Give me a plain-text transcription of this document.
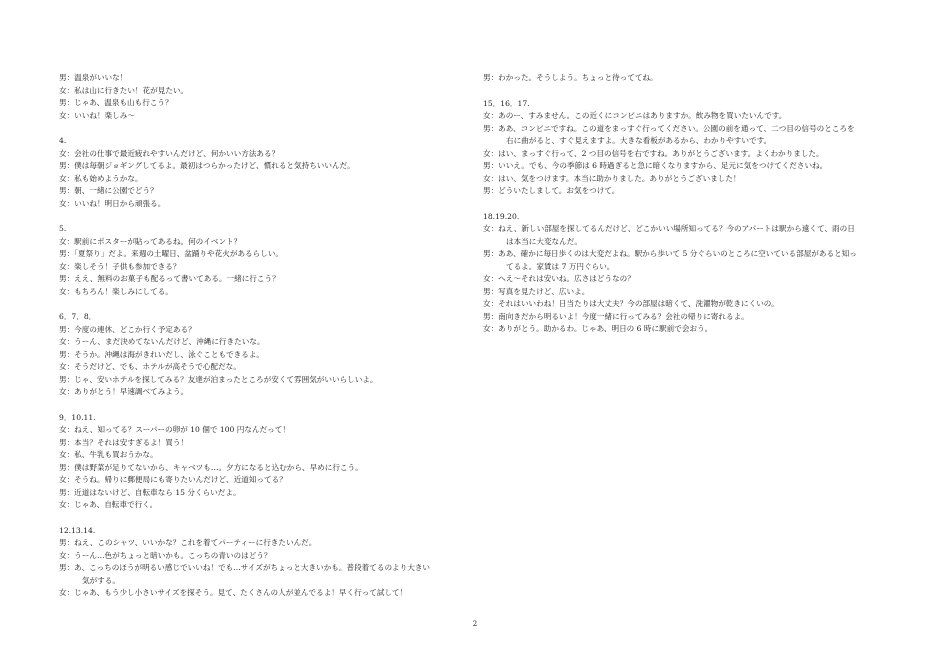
男：温泉がいいな！
女：私は山に行きたい！花が見たい。
男：じゃあ、温泉も山も行こう？
女：いいね！楽しみ～
4.
女：会社の仕事で最近疲れやすいんだけど、何かいい方法ある？
男：僕は毎朝ジョギングしてるよ。最初はつらかったけど、慣れると気持ちいいんだ。
女：私も始めようかな。
男：朝、一緒に公園でどう？
女：いいね！明日から頑張る。
5.
女：駅前にポスターが貼ってあるね。何のイベント？
男：「夏祭り」だよ。来週の土曜日、盆踊りや花火があるらしい。
女：楽しそう！子供も参加できる？
男：ええ、無料のお菓子も配るって書いてある。一緒に行こう？
女：もちろん！楽しみにしてる。
6．7．8．
男：今度の連休、どこか行く予定ある？
女：うーん、まだ決めてないんだけど、沖縄に行きたいな。
男：そうか。沖縄は海がきれいだし、泳ぐこともできるよ。
女：そうだけど、でも、ホテルが高そうで心配だな。
男：じゃ、安いホテルを探してみる？友達が泊まったところが安くて雰囲気がいいらしいよ。
女：ありがとう！早速調べてみよう。
9．10.11.
女：ねえ、知ってる？スーパーの卵が 10 個で 100 円なんだって！
男：本当？それは安すぎるよ！買う！
女：私、牛乳も買おうかな。
男：僕は野菜が足りてないから、キャベツも…。夕方になると込むから、早めに行こう。
女：そうね。帰りに郵便局にも寄りたいんだけど、近道知ってる？
男：近道はないけど、自転車なら 15 分くらいだよ。
女：じゃあ、自転車で行く。
12.13.14.
男：ねえ、このシャツ、いいかな？これを着てパーティーに行きたいんだ。
女：うーん…色がちょっと暗いかも。こっちの青いのはどう？
男：あ、こっちのほうが明るい感じでいいね！でも…サイズがちょっと大きいかも。普段着てるのより大きい
気がする。
女：じゃあ、もう少し小さいサイズを探そう。見て、たくさんの人が並んでるよ！早く行って試して！
男：わかった。そうしよう。ちょっと待っててね。
15．16．17.
女：あのー、すみません。この近くにコンビニはありますか。飲み物を買いたいんです。
男：ああ、コンビニですね。この道をまっすぐ行ってください。公園の前を通って、二つ目の信号のところを
右に曲がると、すぐ見えますよ。大きな看板があるから、わかりやすいです。
女：はい、まっすぐ行って、2 つ目の信号を右ですね。ありがとうございます。よくわかりました。
男：いいえ。でも、今の季節は 6 時過ぎると急に暗くなりますから、足元に気をつけてくださいね。
女：はい、気をつけます。本当に助かりました。ありがとうございました！
男：どういたしまして。お気をつけて。
18.19.20.
女：ねえ、新しい部屋を探してるんだけど、どこかいい場所知ってる？今のアパートは駅から遠くて、雨の日
は本当に大変なんだ。
男：ああ、確かに毎日歩くのは大変だよね。駅から歩いて 5 分ぐらいのところに空いている部屋があると知っ
てるよ。家賃は 7 万円ぐらい。
女：へえ～それは安いね。広さはどうなの？
男：写真を見たけど、広いよ。
女：それはいいわね！日当たりは大丈夫？今の部屋は暗くて、洗濯物が乾きにくいの。
男：南向きだから明るいよ！今度一緒に行ってみる？会社の帰りに寄れるよ。
女：ありがとう。助かるわ。じゃあ、明日の 6 時に駅前で会おう。
2
